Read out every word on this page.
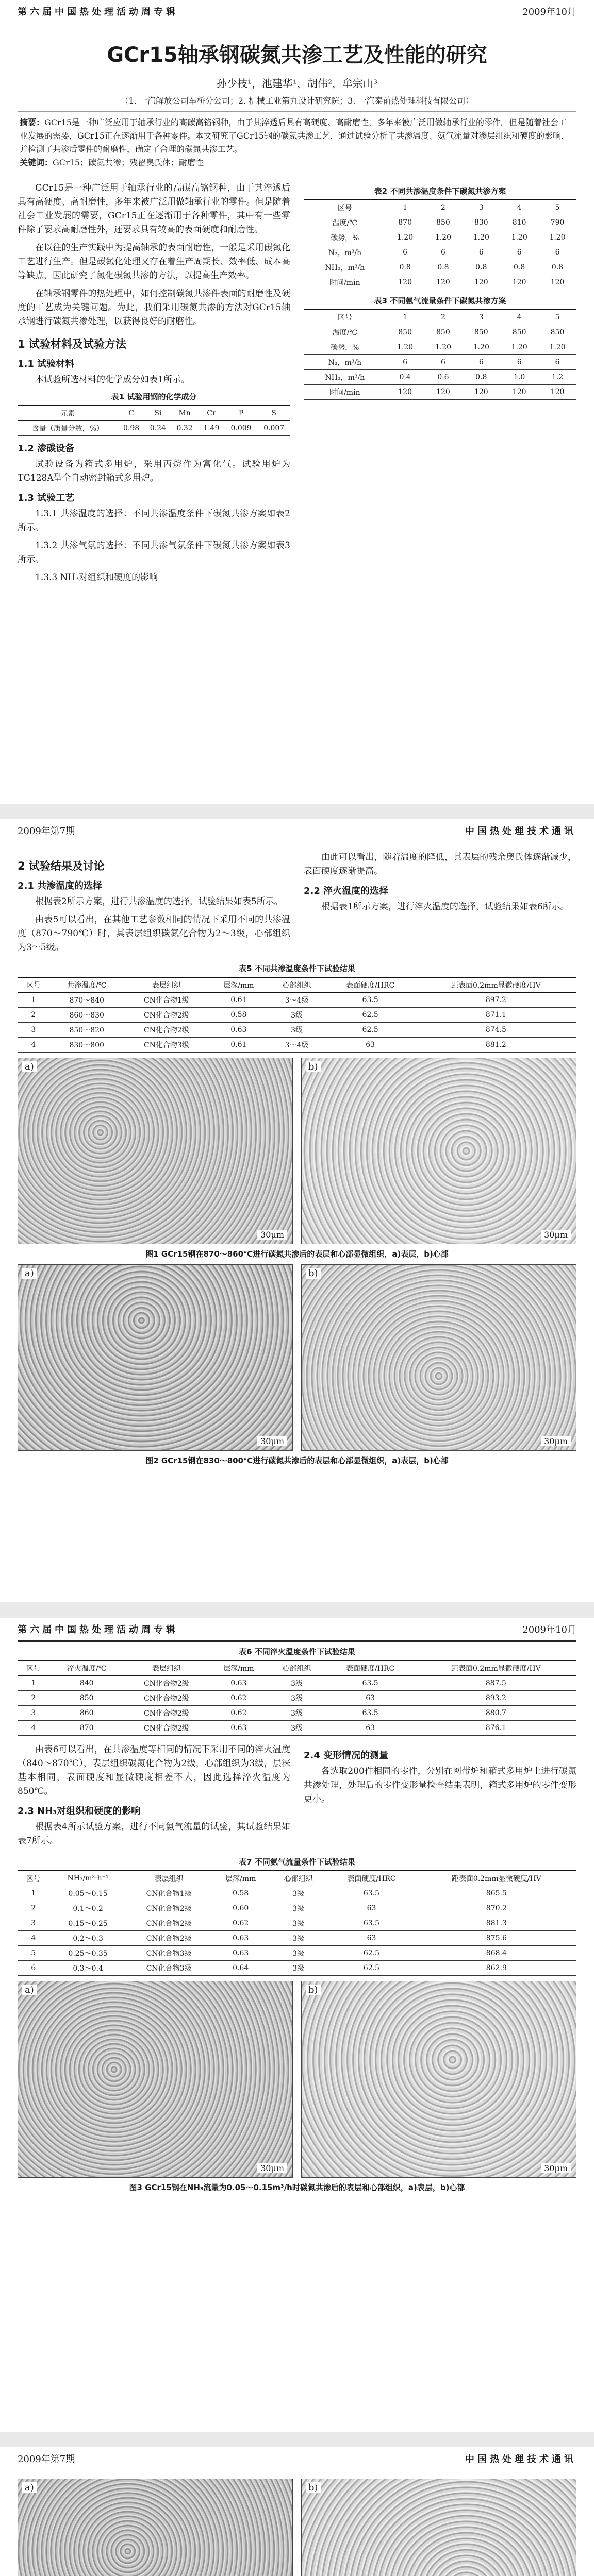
第六届中国热处理活动周专辑	2009年10月
GCr15轴承钢碳氮共渗工艺及性能的研究
孙少枝¹，池建华¹，胡伟²，牟宗山³
（1. 一汽解放公司车桥分公司；2. 机械工业第九设计研究院；3. 一汽泰前热处理科技有限公司）
摘要：GCr15是一种广泛应用于轴承行业的高碳高铬钢种，由于其淬透后具有高硬度、高耐磨性，多年来被广泛用做轴承行业的零件。但是随着社会工业发展的需要，GCr15正在逐渐用于各种零件。本文研究了GCr15钢的碳氮共渗工艺，通过试验分析了共渗温度、氨气流量对渗层组织和硬度的影响，并检测了共渗后零件的耐磨性，确定了合理的碳氮共渗工艺。
关键词：GCr15；碳氮共渗；残留奥氏体；耐磨性

GCr15是一种广泛用于轴承行业的高碳高铬钢种，由于其淬透后具有高硬度、高耐磨性，多年来被广泛用做轴承行业的零件。但是随着社会工业发展的需要，GCr15正在逐渐用于各种零件，其中有一些零件除了要求高耐磨性外，还要求具有较高的表面硬度和耐磨性。

在以往的生产实践中为提高轴承的表面耐磨性，一般是采用碳氮化工艺进行生产。但是碳氮化处理又存在着生产周期长、效率低、成本高等缺点，因此研究了氮化碳氮共渗的方法，以提高生产效率。

在轴承钢零件的热处理中，如何控制碳氮共渗件表面的耐磨性及硬度的工艺成为关键问题。为此，我们采用碳氮共渗的方法对GCr15轴承钢进行碳氮共渗处理，以获得良好的耐磨性。

1 试验材料及试验方法
1.1 试验材料

本试验所选材料的化学成分如表1所示。

表1 试验用钢的化学成分
元素	C	Si	Mn	Cr	P	S
含量（质量分数，%）	0.98	0.24	0.32	1.49	0.009	0.007
1.2 渗碳设备

试验设备为箱式多用炉，采用丙烷作为富化气。试验用炉为TG128A型全自动密封箱式多用炉。

1.3 试验工艺

1.3.1 共渗温度的选择：不同共渗温度条件下碳氮共渗方案如表2所示。

1.3.2 共渗气氛的选择：不同共渗气氛条件下碳氮共渗方案如表3所示。

1.3.3 NH₃对组织和硬度的影响

表2 不同共渗温度条件下碳氮共渗方案
区号	1	2	3	4	5
温度/℃	870	850	830	810	790
碳势，%	1.20	1.20	1.20	1.20	1.20
N₂，m³/h	6	6	6	6	6
NH₃，m³/h	0.8	0.8	0.8	0.8	0.8
时间/min	120	120	120	120	120
表3 不同氨气流量条件下碳氮共渗方案
区号	1	2	3	4	5
温度/℃	850	850	850	850	850
碳势，%	1.20	1.20	1.20	1.20	1.20
N₂，m³/h	6	6	6	6	6
NH₃，m³/h	0.4	0.6	0.8	1.0	1.2
时间/min	120	120	120	120	120
2009年第7期	中国热处理技术通讯
2 试验结果及讨论
2.1 共渗温度的选择

根据表2所示方案，进行共渗温度的选择，试验结果如表5所示。

由表5可以看出，在其他工艺参数相同的情况下采用不同的共渗温度（870～790℃）时，其表层组织碳氮化合物为2～3级，心部组织为3～5级。

由此可以看出，随着温度的降低，其表层的残余奥氏体逐渐减少，表面硬度逐渐提高。

2.2 淬火温度的选择

根据表1所示方案，进行淬火温度的选择，试验结果如表6所示。

表5 不同共渗温度条件下试验结果
区号	共渗温度/℃	表层组织	层深/mm	心部组织	表面硬度/HRC	距表面0.2mm显微硬度/HV
1	870～840	CN化合物1级	0.61	3～4级	63.5	897.2
2	860～830	CN化合物2级	0.58	3级	62.5	871.1
3	850～820	CN化合物2级	0.63	3级	62.5	874.5
4	830～800	CN化合物3级	0.61	3～4级	63	881.2
a)
30μm
b)
30μm
图1 GCr15钢在870～860℃进行碳氮共渗后的表层和心部显微组织，a)表层，b)心部
a)
30μm
b)
30μm
图2 GCr15钢在830～800℃进行碳氮共渗后的表层和心部显微组织，a)表层，b)心部
第六届中国热处理活动周专辑	2009年10月
表6 不同淬火温度条件下试验结果
区号	淬火温度/℃	表层组织	层深/mm	心部组织	表面硬度/HRC	距表面0.2mm显微硬度/HV
1	840	CN化合物2级	0.63	3级	63.5	887.5
2	850	CN化合物2级	0.62	3级	63	893.2
3	860	CN化合物2级	0.62	3级	63.5	880.7
4	870	CN化合物2级	0.63	3级	63	876.1

由表6可以看出，在共渗温度等相同的情况下采用不同的淬火温度（840～870℃），表层组织碳氮化合物为2级，心部组织为3级，层深基本相同，表面硬度和显微硬度相差不大，因此选择淬火温度为850℃。

2.3 NH₃对组织和硬度的影响

根据表4所示试验方案，进行不同氨气流量的试验，其试验结果如表7所示。

2.4 变形情况的测量

各选取200件相同的零件，分别在网带炉和箱式多用炉上进行碳氮共渗处理，处理后的零件变形量检查结果表明，箱式多用炉的零件变形更小。

表7 不同氨气流量条件下试验结果
区号	NH₃/m³·h⁻¹	表层组织	层深/mm	心部组织	表面硬度/HRC	距表面0.2mm显微硬度/HV
1	0.05～0.15	CN化合物1级	0.58	3级	63.5	865.5
2	0.1～0.2	CN化合物2级	0.60	3级	63	870.2
3	0.15～0.25	CN化合物2级	0.62	3级	63.5	881.3
4	0.2～0.3	CN化合物2级	0.63	3级	63	875.6
5	0.25～0.35	CN化合物3级	0.63	3级	62.5	868.4
6	0.3～0.4	CN化合物3级	0.64	3级	62.5	862.9
a)
30μm
b)
30μm
图3 GCr15钢在NH₃流量为0.05～0.15m³/h时碳氮共渗后的表层和心部组织，a)表层，b)心部
2009年第7期	中国热处理技术通讯
a)	b)
